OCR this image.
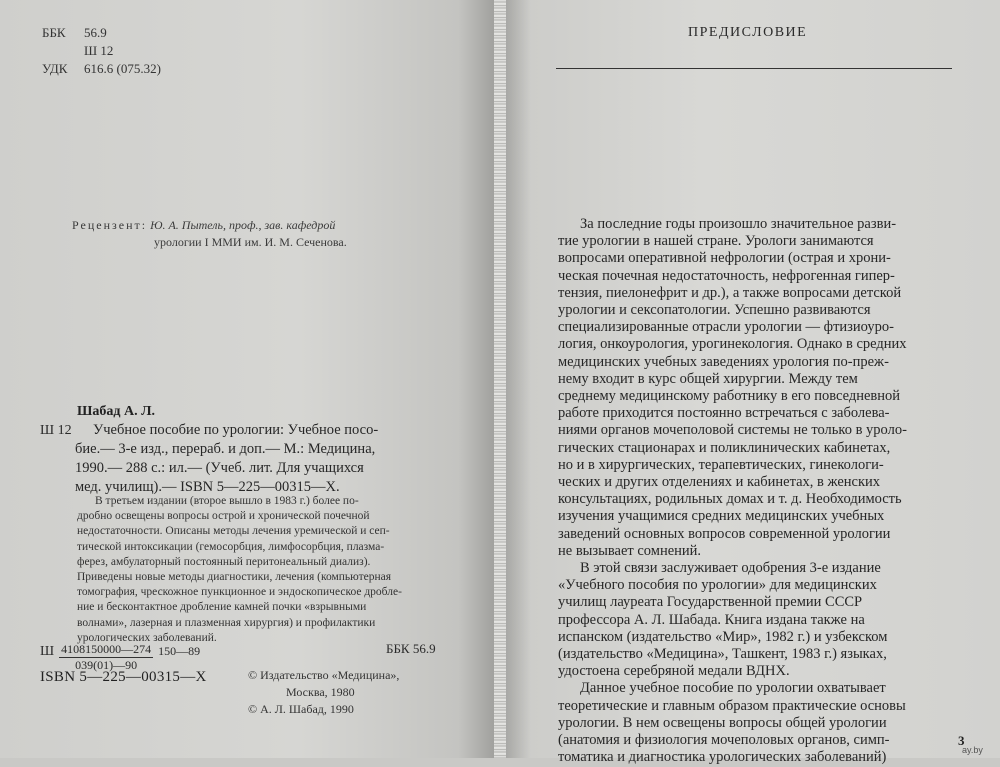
ББК 56.9
Ш 12
УДК 616.6 (075.32)
Рецензент: Ю. А. Пытель, проф., зав. кафедрой
урологии I ММИ им. И. М. Сеченова.
Шабад А. Л.
Ш 12 Учебное пособие по урологии: Учебное посо-
бие.— 3-е изд., перераб. и доп.— М.: Медицина,
1990.— 288 с.: ил.— (Учеб. лит. Для учащихся
мед. училищ).— ISBN 5—225—00315—X.
В третьем издании (второе вышло в 1983 г.) более по-
дробно освещены вопросы острой и хронической почечной
недостаточности. Описаны методы лечения уремической и сеп-
тической интоксикации (гемосорбция, лимфосорбция, плазма-
ферез, амбулаторный постоянный перитонеальный диализ).
Приведены новые методы диагностики, лечения (компьютерная
томография, чрескожное пункционное и эндоскопическое дробле-
ние и бесконтактное дробление камней почки «взрывными
волнами», лазерная и плазменная хирургия) и профилактики
урологических заболеваний.
Ш $\frac{4108150000—274}{039(01)—90}$ 150—89	ББК 56.9
ISBN 5—225—00315—X	© Издательство «Медицина»,
Москва, 1980
© А. Л. Шабад, 1990
ПРЕДИСЛОВИЕ
За последние годы произошло значительное разви-
тие урологии в нашей стране. Урологи занимаются
вопросами оперативной нефрологии (острая и хрони-
ческая почечная недостаточность, нефрогенная гипер-
тензия, пиелонефрит и др.), а также вопросами детской
урологии и сексопатологии. Успешно развиваются
специализированные отрасли урологии — фтизиоуро-
логия, онкоурология, урогинекология. Однако в средних
медицинских учебных заведениях урология по-преж-
нему входит в курс общей хирургии. Между тем
среднему медицинскому работнику в его повседневной
работе приходится постоянно встречаться с заболева-
ниями органов мочеполовой системы не только в уроло-
гических стационарах и поликлинических кабинетах,
но и в хирургических, терапевтических, гинекологи-
ческих и других отделениях и кабинетах, в женских
консультациях, родильных домах и т. д. Необходимость
изучения учащимися средних медицинских учебных
заведений основных вопросов современной урологии
не вызывает сомнений.
В этой связи заслуживает одобрения 3-е издание
«Учебного пособия по урологии» для медицинских
училищ лауреата Государственной премии СССР
профессора А. Л. Шабада. Книга издана также на
испанском (издательство «Мир», 1982 г.) и узбекском
(издательство «Медицина», Ташкент, 1983 г.) языках,
удостоена серебряной медали ВДНХ.
Данное учебное пособие по урологии охватывает
теоретические и главным образом практические основы
урологии. В нем освещены вопросы общей урологии
(анатомия и физиология мочеполовых органов, симп-
томатика и диагностика урологических заболеваний)
3
ay.by
